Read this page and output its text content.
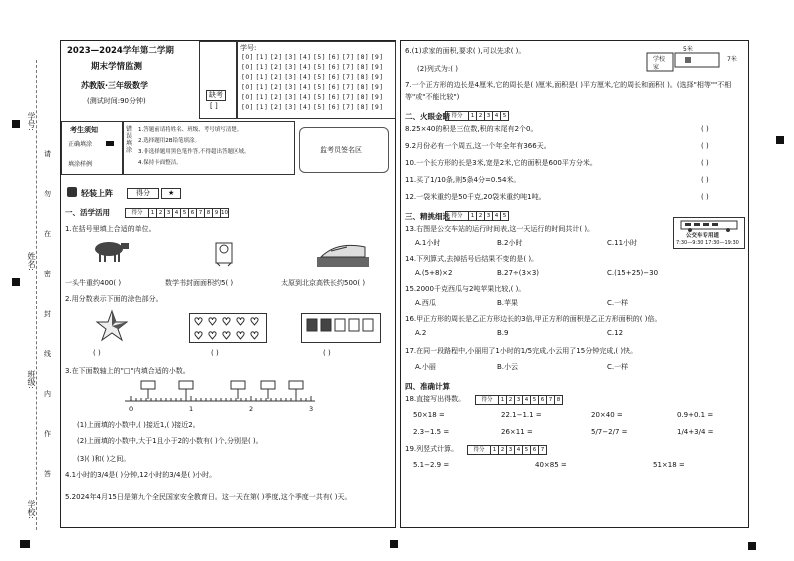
学号:
姓名:
班级:
学校:
请
勿
在
密
封
线
内
作
答
2023—2024学年第二学期
期末学情监测
苏教版·三年级数学
(测试时间:90分钟)
缺考
[ ]
学号:
[0] [1] [2] [3] [4] [5] [6] [7] [8] [9]
[0] [1] [2] [3] [4] [5] [6] [7] [8] [9]
[0] [1] [2] [3] [4] [5] [6] [7] [8] [9]
[0] [1] [2] [3] [4] [5] [6] [7] [8] [9]
[0] [1] [2] [3] [4] [5] [6] [7] [8] [9]
[0] [1] [2] [3] [4] [5] [6] [7] [8] [9]
考生须知
正确填涂
填涂样例
错误填涂
1.答题前请将姓名、班级、考号填写清楚。
2.选择题用2B铅笔填涂。
3.非选择题用黑色笔作答,不得超出答题区域。
4.保持卡面整洁。
监考员签名区
轻装上阵	得分	★
一、活学活用	得分	1 2 3 4 5 6 7 8 9 10
1.在括号里填上合适的单位。
一头牛重约400( )	数学书封面面积约5( )	太原到北京高铁长约500( )
2.用分数表示下面的涂色部分。
♥ ♥ ♥ ♥ ♥
♥ ♥ ♥ ♥ ♥
( )	( )	( )
3.在下面数轴上的"□"内填合适的小数。
0	1	2	3
(1)上面填的小数中,( )接近1,( )接近2。
(2)上面填的小数中,大于1且小于2的小数有( )个,分别是( )。
(3)( )和( )之间。
4.1小时的3/4是( )分钟,12小时的3/4是( )小时。
5.2024年4月15日是第九个全民国家安全教育日。这一天在第( )季度,这个季度一共有( )天。
6.(1)求家的面积,要求( ),可以先求( )。
(2)列式为:( )
5米
学校
家
7米
7.一个正方形的边长是4厘米,它的周长是( )厘米,面积是( )平方厘米,它的周长和面积( )。(选择"相等""不相等"或"不能比较")
二、火眼金睛 得分	1 2 3 4 5
8.25×40的积是三位数,积的末尾有2个0。	( )
9.2月份必有一个周五,这一个年全年有366天。	( )
10.一个长方形的长是3米,宽是2米,它的面积是600平方分米。	( )
11.买了1/10条,则5条4分=0.54米。	( )
12.一袋米重约是50千克,20袋米重约吨1吨。	( )
三、精挑细选 得分	1 2 3 4 5
13.右图是公交车站的运行时间表,这一天运行的时间共计( )。
A.1小时	B.2小时	C.11小时
公交车专用道
7:30—9:30 17:30—19:30
14.下列算式,去掉括号后结果不变的是( )。
A.(5+8)×2	B.27÷(3×3)	C.(15+25)−30
15.2000千克西瓜与2吨苹果比较,( )。
A.西瓜	B.苹果	C.一样
16.甲正方形的周长是乙正方形边长的3倍,甲正方形的面积是乙正方形面积的( )倍。
A.2	B.9	C.12
17.在同一段路程中,小丽用了1小时的1/5完成,小云用了15分钟完成,( )快。
A.小丽	B.小云	C.一样
四、准确计算
18.直接写出得数。	得分	1 2 3 4 5 6 7 8
50×18 =	22.1−1.1 =	20×40 =	0.9+0.1 =
2.3−1.5 =	26×11 =	5/7−2/7 =	1/4+3/4 =
19.列竖式计算。	得分	1 2 3 4 5 6 7
5.1−2.9 =	40×85 =	51×18 =
